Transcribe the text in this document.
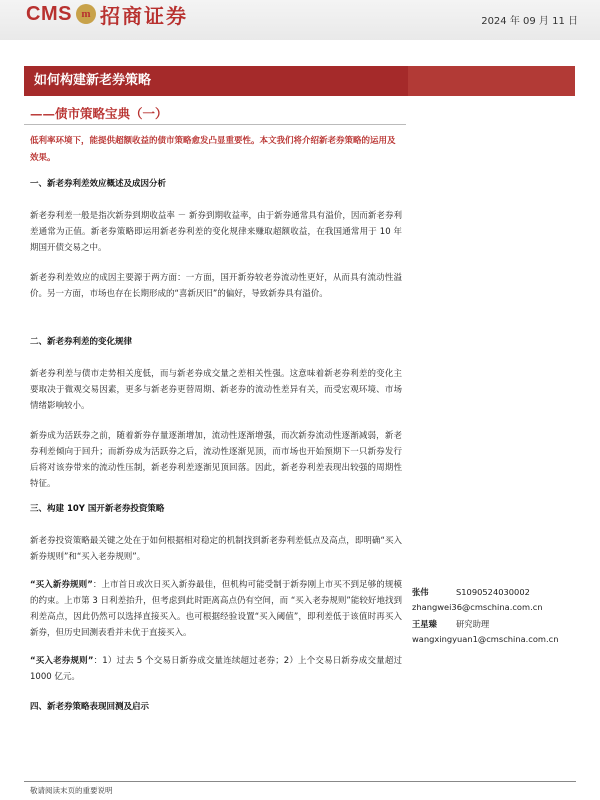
CMS m 招商证券	2024 年 09 月 11 日
如何构建新老券策略
——债市策略宝典（一）
低利率环境下，能提供超额收益的债市策略愈发凸显重要性。本文我们将介绍新老券策略的运用及效果。
一、新老券利差效应概述及成因分析
新老券利差一般是指次新券到期收益率 － 新券到期收益率，由于新券通常具有溢价，因而新老券利差通常为正值。新老券策略即运用新老券利差的变化规律来赚取超额收益，在我国通常用于 10 年期国开债交易之中。
新老券利差效应的成因主要源于两方面：一方面，国开新券较老券流动性更好，从而具有流动性溢价。另一方面，市场也存在长期形成的“喜新厌旧”的偏好，导致新券具有溢价。
二、新老券利差的变化规律
新老券利差与债市走势相关度低，而与新老券成交量之差相关性强。这意味着新老券利差的变化主要取决于微观交易因素，更多与新老券更替周期、新老券的流动性差异有关，而受宏观环境、市场情绪影响较小。
新券成为活跃券之前，随着新券存量逐渐增加，流动性逐渐增强，而次新券流动性逐渐减弱，新老券利差倾向于回升；而新券成为活跃券之后，流动性逐渐见顶，而市场也开始预期下一只新券发行后将对该券带来的流动性压制，新老券利差逐渐见顶回落。因此，新老券利差表现出较强的周期性特征。
三、构建 10Y 国开新老券投资策略
新老券投资策略最关键之处在于如何根据相对稳定的机制找到新老券利差低点及高点，即明确“买入新券规则”和“买入老券规则”。
“买入新券规则”：上市首日或次日买入新券最佳，但机构可能受制于新券刚上市买不到足够的规模的约束。上市第 3 日利差抬升，但考虑到此时距离高点仍有空间，而 “买入老券规则”能较好地找到利差高点，因此仍然可以选择直接买入。也可根据经验设置“买入阈值”，即利差低于该值时再买入新券，但历史回测表看并未优于直接买入。
“买入老券规则”：1）过去 5 个交易日新券成交量连续超过老券；2）上个交易日新券成交量超过 1000 亿元。
四、新老券策略表现回测及启示
张伟	S1090524030002
zhangwei36@cmschina.com.cn
王星臻	研究助理
wangxingyuan1@cmschina.com.cn
敬请阅读末页的重要说明
